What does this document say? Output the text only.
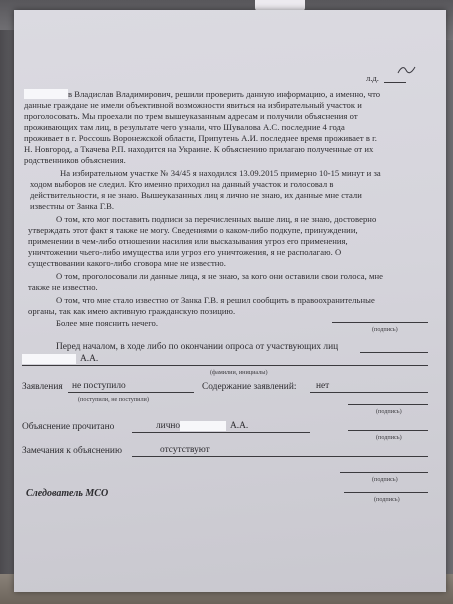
л.д.
в Владислав Владимирович, решили проверить данную информацию, а именно, что
данные граждане не имели объективной возможности явиться на избирательный участок и
проголосовать. Мы проехали по трем вышеуказанным адресам и получили объяснения от
проживающих там лиц, в результате чего узнали, что Шувалова А.С. последние 4 года
проживает в г. Россошь Воронежской области, Припутень А.И. последнее время проживает в г.
Н. Новгород, а Ткачева Р.П. находится на Украине. К объяснению прилагаю полученные от их
родственников объяснения.
На избирательном участке № 34/45 я находился 13.09.2015 примерно 10-15 минут и за
ходом выборов не следил. Кто именно приходил на данный участок и голосовал в
действительности, я не знаю. Вышеуказанных лиц я лично не знаю, их данные мне стали
известны от Занка Г.В.
О том, кто мог поставить подписи за перечисленных выше лиц, я не знаю, достоверно
утверждать этот факт я также не могу. Сведениями о каком-либо подкупе, принуждении,
применении в чем-либо отношении насилия или высказывания угроз его применения,
уничтожении чьего-либо имущества или угроз его уничтожения, я не располагаю. О
существовании какого-либо сговора мне не известно.
О том, проголосовали ли данные лица, я не знаю, за кого они оставили свои голоса, мне
также не известно.
О том, что мне стало известно от Занка Г.В. я решил сообщить в правоохранительные
органы, так как имею активную гражданскую позицию.
Более мне пояснить нечего.
(подпись)
Перед началом, в ходе либо по окончании опроса от участвующих лиц
А.А.
(фамилии, инициалы)
Заявления не поступило
(поступили, не поступили)
Содержание заявлений: нет
(подпись)
Объяснение прочитано	лично	А.А.
(подпись)
Замечания к объяснению	отсутствуют
(подпись)
Следователь МСО
(подпись)
